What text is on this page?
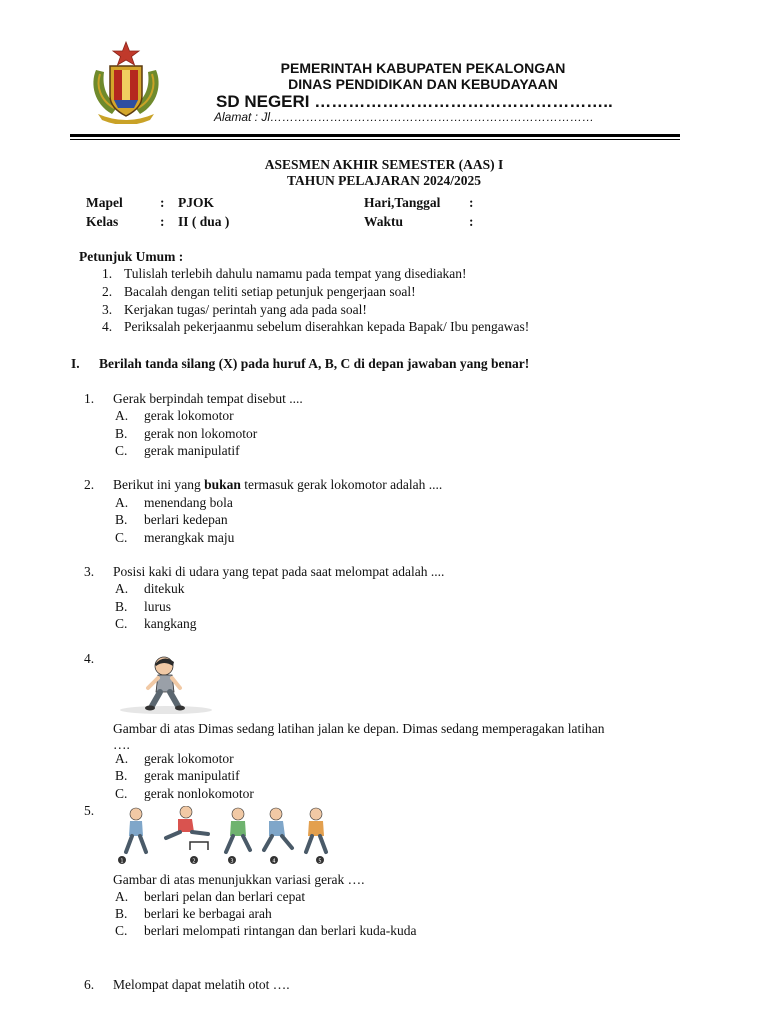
PEMERINTAH KABUPATEN PEKALONGAN
DINAS PENDIDIKAN DAN KEBUDAYAAN
SD NEGERI ……………………………………………..
Alamat : Jl………………………………………………………………………
ASESMEN AKHIR SEMESTER (AAS) I
TAHUN PELAJARAN 2024/2025
Mapel	: PJOK	Hari,Tanggal :
Kelas	: II ( dua )	Waktu	:
Petunjuk Umum :
1. Tulislah terlebih dahulu namamu pada tempat yang disediakan!
2. Bacalah dengan teliti setiap petunjuk pengerjaan soal!
3. Kerjakan tugas/ perintah yang ada pada soal!
4. Periksalah pekerjaanmu sebelum diserahkan kepada Bapak/ Ibu pengawas!
I. Berilah tanda silang (X) pada huruf A, B, C di depan jawaban yang benar!
1. Gerak berpindah tempat disebut ....
A. gerak lokomotor
B. gerak non lokomotor
C. gerak manipulatif
2. Berikut ini yang bukan termasuk gerak lokomotor adalah ....
A. menendang bola
B. berlari kedepan
C. merangkak maju
3. Posisi kaki di udara yang tepat pada saat melompat adalah ....
A. ditekuk
B. lurus
C. kangkang
4.
Gambar di atas Dimas sedang latihan jalan ke depan. Dimas sedang memperagakan latihan
….
A. gerak lokomotor
B. gerak manipulatif
C. gerak nonlokomotor
5.
1	2	3	4	5
Gambar di atas menunjukkan variasi gerak ….
A. berlari pelan dan berlari cepat
B. berlari ke berbagai arah
C. berlari melompati rintangan dan berlari kuda-kuda
6. Melompat dapat melatih otot ….
